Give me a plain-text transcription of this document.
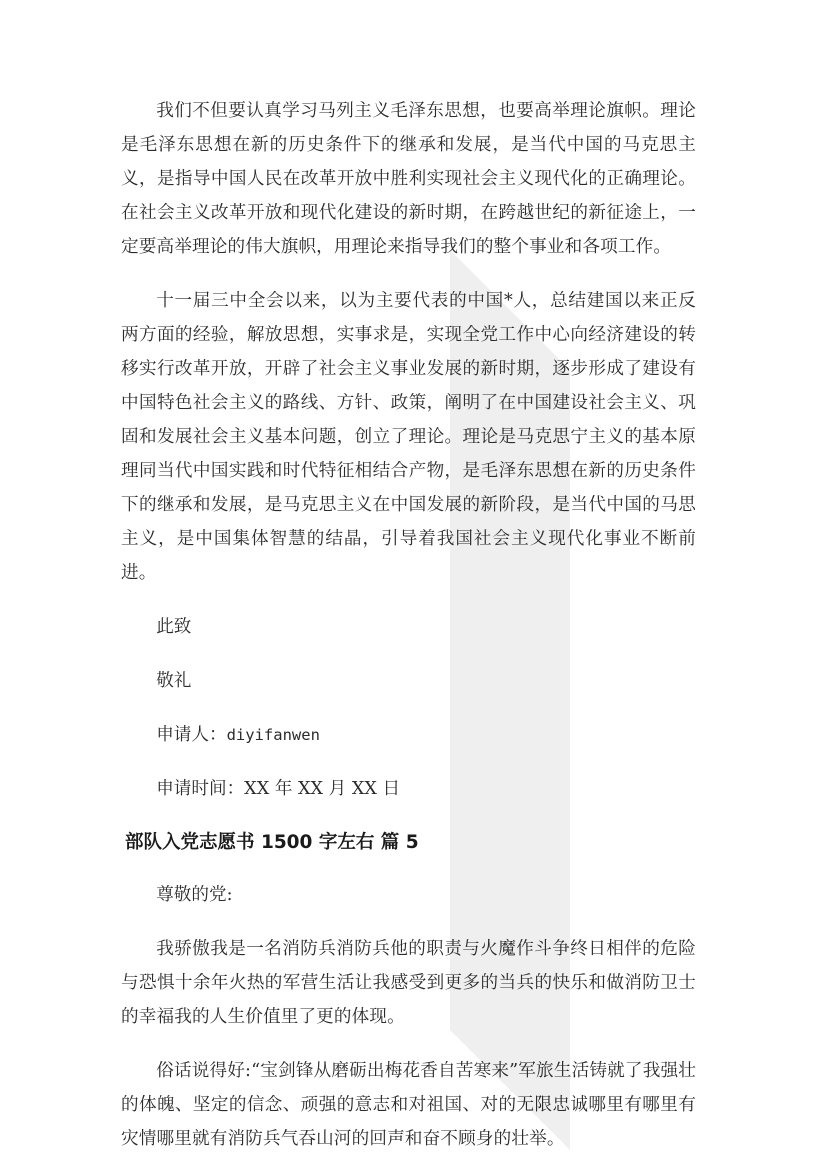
我们不但要认真学习马列主义毛泽东思想，也要高举理论旗帜。理论是毛泽东思想在新的历史条件下的继承和发展，是当代中国的马克思主义，是指导中国人民在改革开放中胜利实现社会主义现代化的正确理论。在社会主义改革开放和现代化建设的新时期，在跨越世纪的新征途上，一定要高举理论的伟大旗帜，用理论来指导我们的整个事业和各项工作。

十一届三中全会以来，以为主要代表的中国*人，总结建国以来正反两方面的经验，解放思想，实事求是，实现全党工作中心向经济建设的转移实行改革开放，开辟了社会主义事业发展的新时期，逐步形成了建设有中国特色社会主义的路线、方针、政策，阐明了在中国建设社会主义、巩固和发展社会主义基本问题，创立了理论。理论是马克思宁主义的基本原理同当代中国实践和时代特征相结合产物，是毛泽东思想在新的历史条件下的继承和发展，是马克思主义在中国发展的新阶段，是当代中国的马思主义，是中国集体智慧的结晶，引导着我国社会主义现代化事业不断前进。

此致

敬礼

申请人：diyifanwen

申请时间：XX 年 XX 月 XX 日

部队入党志愿书 1500 字左右 篇 5

尊敬的党:

我骄傲我是一名消防兵消防兵他的职责与火魔作斗争终日相伴的危险与恐惧十余年火热的军营生活让我感受到更多的当兵的快乐和做消防卫士的幸福我的人生价值里了更的体现。

俗话说得好:“宝剑锋从磨砺出梅花香自苦寒来”军旅生活铸就了我强壮的体魄、坚定的信念、顽强的意志和对祖国、对的无限忠诚哪里有哪里有灾情哪里就有消防兵气吞山河的回声和奋不顾身的壮举。
